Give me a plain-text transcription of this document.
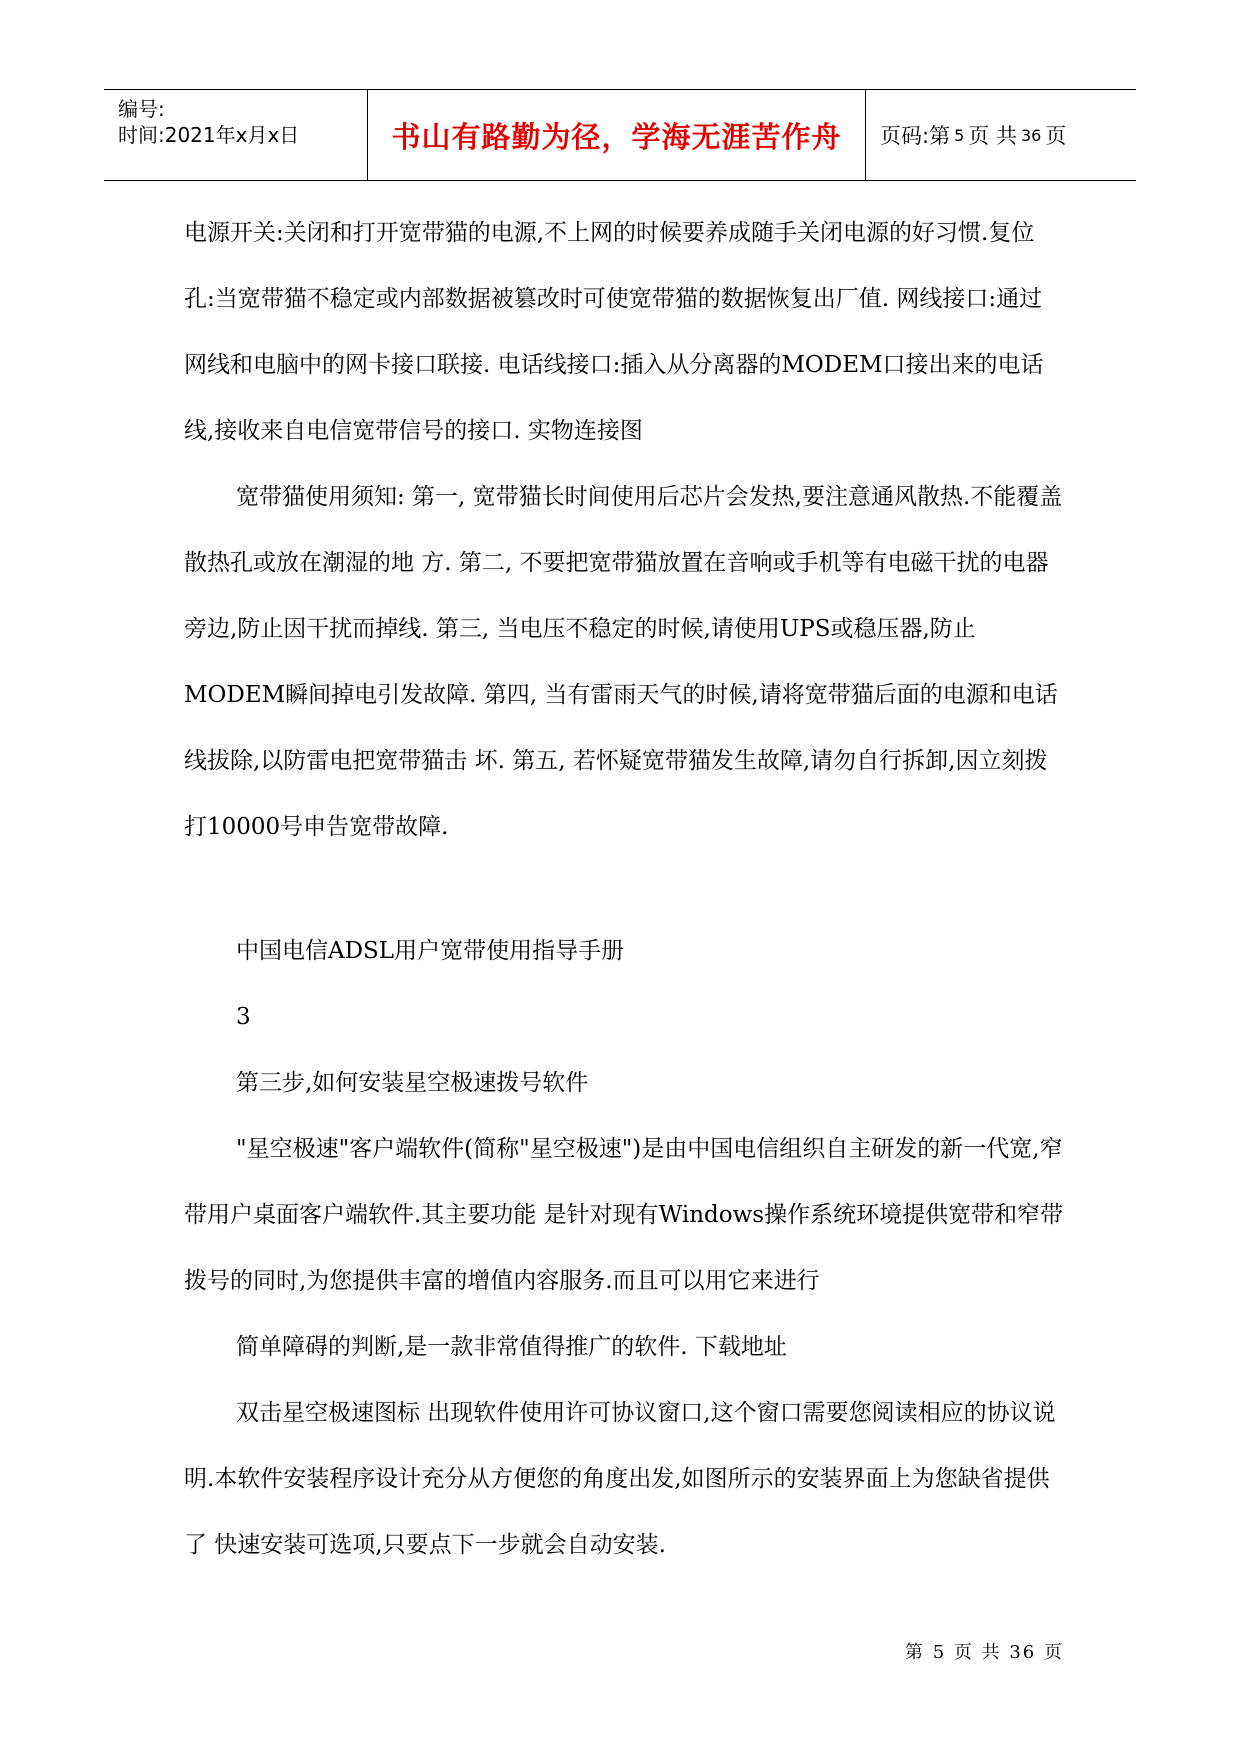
编号:
时间:2021年x月x日	书山有路勤为径，学海无涯苦作舟 页码:第 5 页 共 36 页

电源开关:关闭和打开宽带猫的电源,不上网的时候要养成随手关闭电源的好习惯.复位孔:当宽带猫不稳定或内部数据被篡改时可使宽带猫的数据恢复出厂值. 网线接口:通过网线和电脑中的网卡接口联接. 电话线接口:插入从分离器的MODEM口接出来的电话线,接收来自电信宽带信号的接口. 实物连接图

宽带猫使用须知: 第一, 宽带猫长时间使用后芯片会发热,要注意通风散热.不能覆盖散热孔或放在潮湿的地 方. 第二, 不要把宽带猫放置在音响或手机等有电磁干扰的电器旁边,防止因干扰而掉线. 第三, 当电压不稳定的时候,请使用UPS或稳压器,防止MODEM瞬间掉电引发故障. 第四, 当有雷雨天气的时候,请将宽带猫后面的电源和电话线拔除,以防雷电把宽带猫击 坏. 第五, 若怀疑宽带猫发生故障,请勿自行拆卸,因立刻拨打10000号申告宽带故障.

中国电信ADSL用户宽带使用指导手册

3

第三步,如何安装星空极速拨号软件

"星空极速"客户端软件(简称"星空极速")是由中国电信组织自主研发的新一代宽,窄带用户桌面客户端软件.其主要功能 是针对现有Windows操作系统环境提供宽带和窄带拨号的同时,为您提供丰富的增值内容服务.而且可以用它来进行

简单障碍的判断,是一款非常值得推广的软件. 下载地址

双击星空极速图标 出现软件使用许可协议窗口,这个窗口需要您阅读相应的协议说 明.本软件安装程序设计充分从方便您的角度出发,如图所示的安装界面上为您缺省提供了 快速安装可选项,只要点下一步就会自动安装.

第 5 页 共 36 页
